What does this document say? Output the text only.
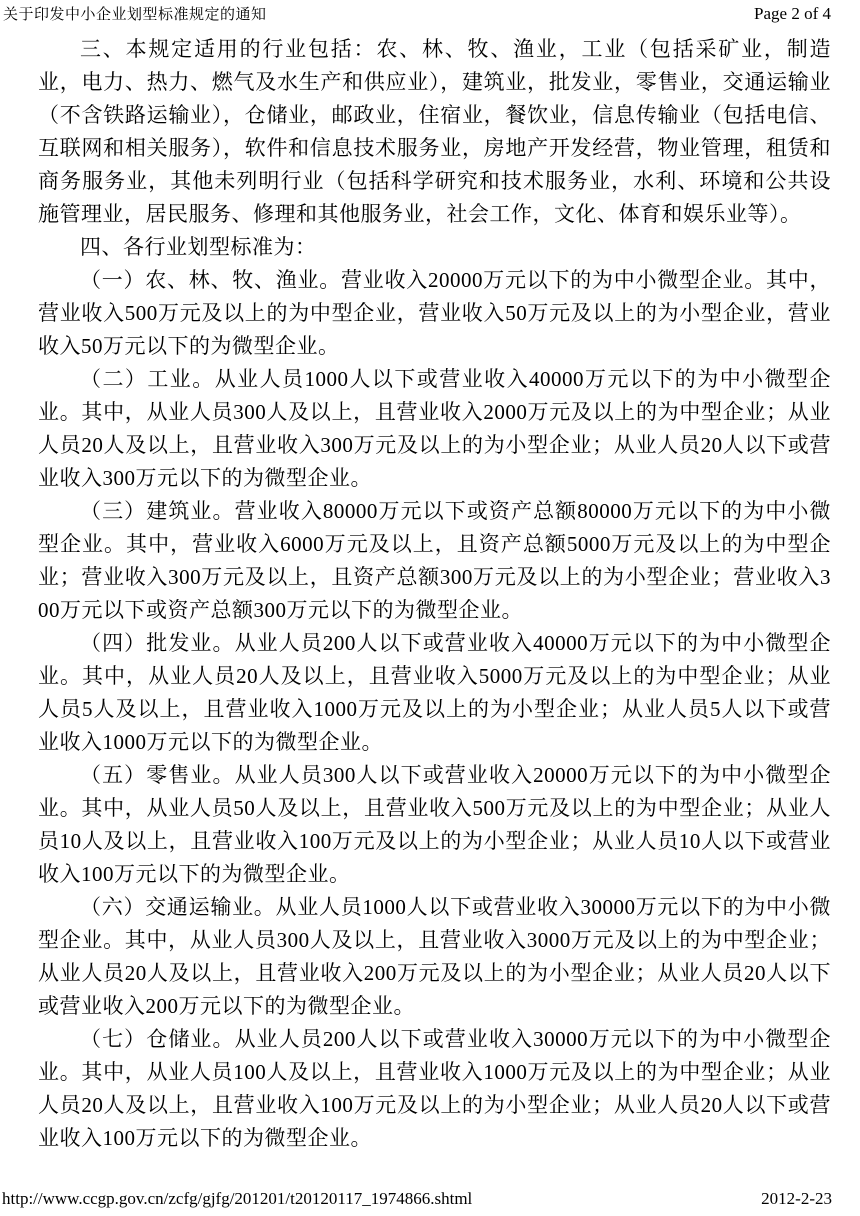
关于印发中小企业划型标准规定的通知	Page 2 of 4

三、本规定适用的行业包括：农、林、牧、渔业，工业（包括采矿业，制造业，电力、热力、燃气及水生产和供应业），建筑业，批发业，零售业，交通运输业（不含铁路运输业），仓储业，邮政业，住宿业，餐饮业，信息传输业（包括电信、互联网和相关服务），软件和信息技术服务业，房地产开发经营，物业管理，租赁和商务服务业，其他未列明行业（包括科学研究和技术服务业，水利、环境和公共设施管理业，居民服务、修理和其他服务业，社会工作，文化、体育和娱乐业等）。

四、各行业划型标准为：

（一）农、林、牧、渔业。营业收入20000万元以下的为中小微型企业。其中，营业收入500万元及以上的为中型企业，营业收入50万元及以上的为小型企业，营业收入50万元以下的为微型企业。

（二）工业。从业人员1000人以下或营业收入40000万元以下的为中小微型企业。其中，从业人员300人及以上，且营业收入2000万元及以上的为中型企业；从业人员20人及以上，且营业收入300万元及以上的为小型企业；从业人员20人以下或营业收入300万元以下的为微型企业。

（三）建筑业。营业收入80000万元以下或资产总额80000万元以下的为中小微型企业。其中，营业收入6000万元及以上，且资产总额5000万元及以上的为中型企业；营业收入300万元及以上，且资产总额300万元及以上的为小型企业；营业收入300万元以下或资产总额300万元以下的为微型企业。

（四）批发业。从业人员200人以下或营业收入40000万元以下的为中小微型企业。其中，从业人员20人及以上，且营业收入5000万元及以上的为中型企业；从业人员5人及以上，且营业收入1000万元及以上的为小型企业；从业人员5人以下或营业收入1000万元以下的为微型企业。

（五）零售业。从业人员300人以下或营业收入20000万元以下的为中小微型企业。其中，从业人员50人及以上，且营业收入500万元及以上的为中型企业；从业人员10人及以上，且营业收入100万元及以上的为小型企业；从业人员10人以下或营业收入100万元以下的为微型企业。

（六）交通运输业。从业人员1000人以下或营业收入30000万元以下的为中小微型企业。其中，从业人员300人及以上，且营业收入3000万元及以上的为中型企业；从业人员20人及以上，且营业收入200万元及以上的为小型企业；从业人员20人以下或营业收入200万元以下的为微型企业。

（七）仓储业。从业人员200人以下或营业收入30000万元以下的为中小微型企业。其中，从业人员100人及以上，且营业收入1000万元及以上的为中型企业；从业人员20人及以上，且营业收入100万元及以上的为小型企业；从业人员20人以下或营业收入100万元以下的为微型企业。

http://www.ccgp.gov.cn/zcfg/gjfg/201201/t20120117_1974866.shtml	2012-2-23
